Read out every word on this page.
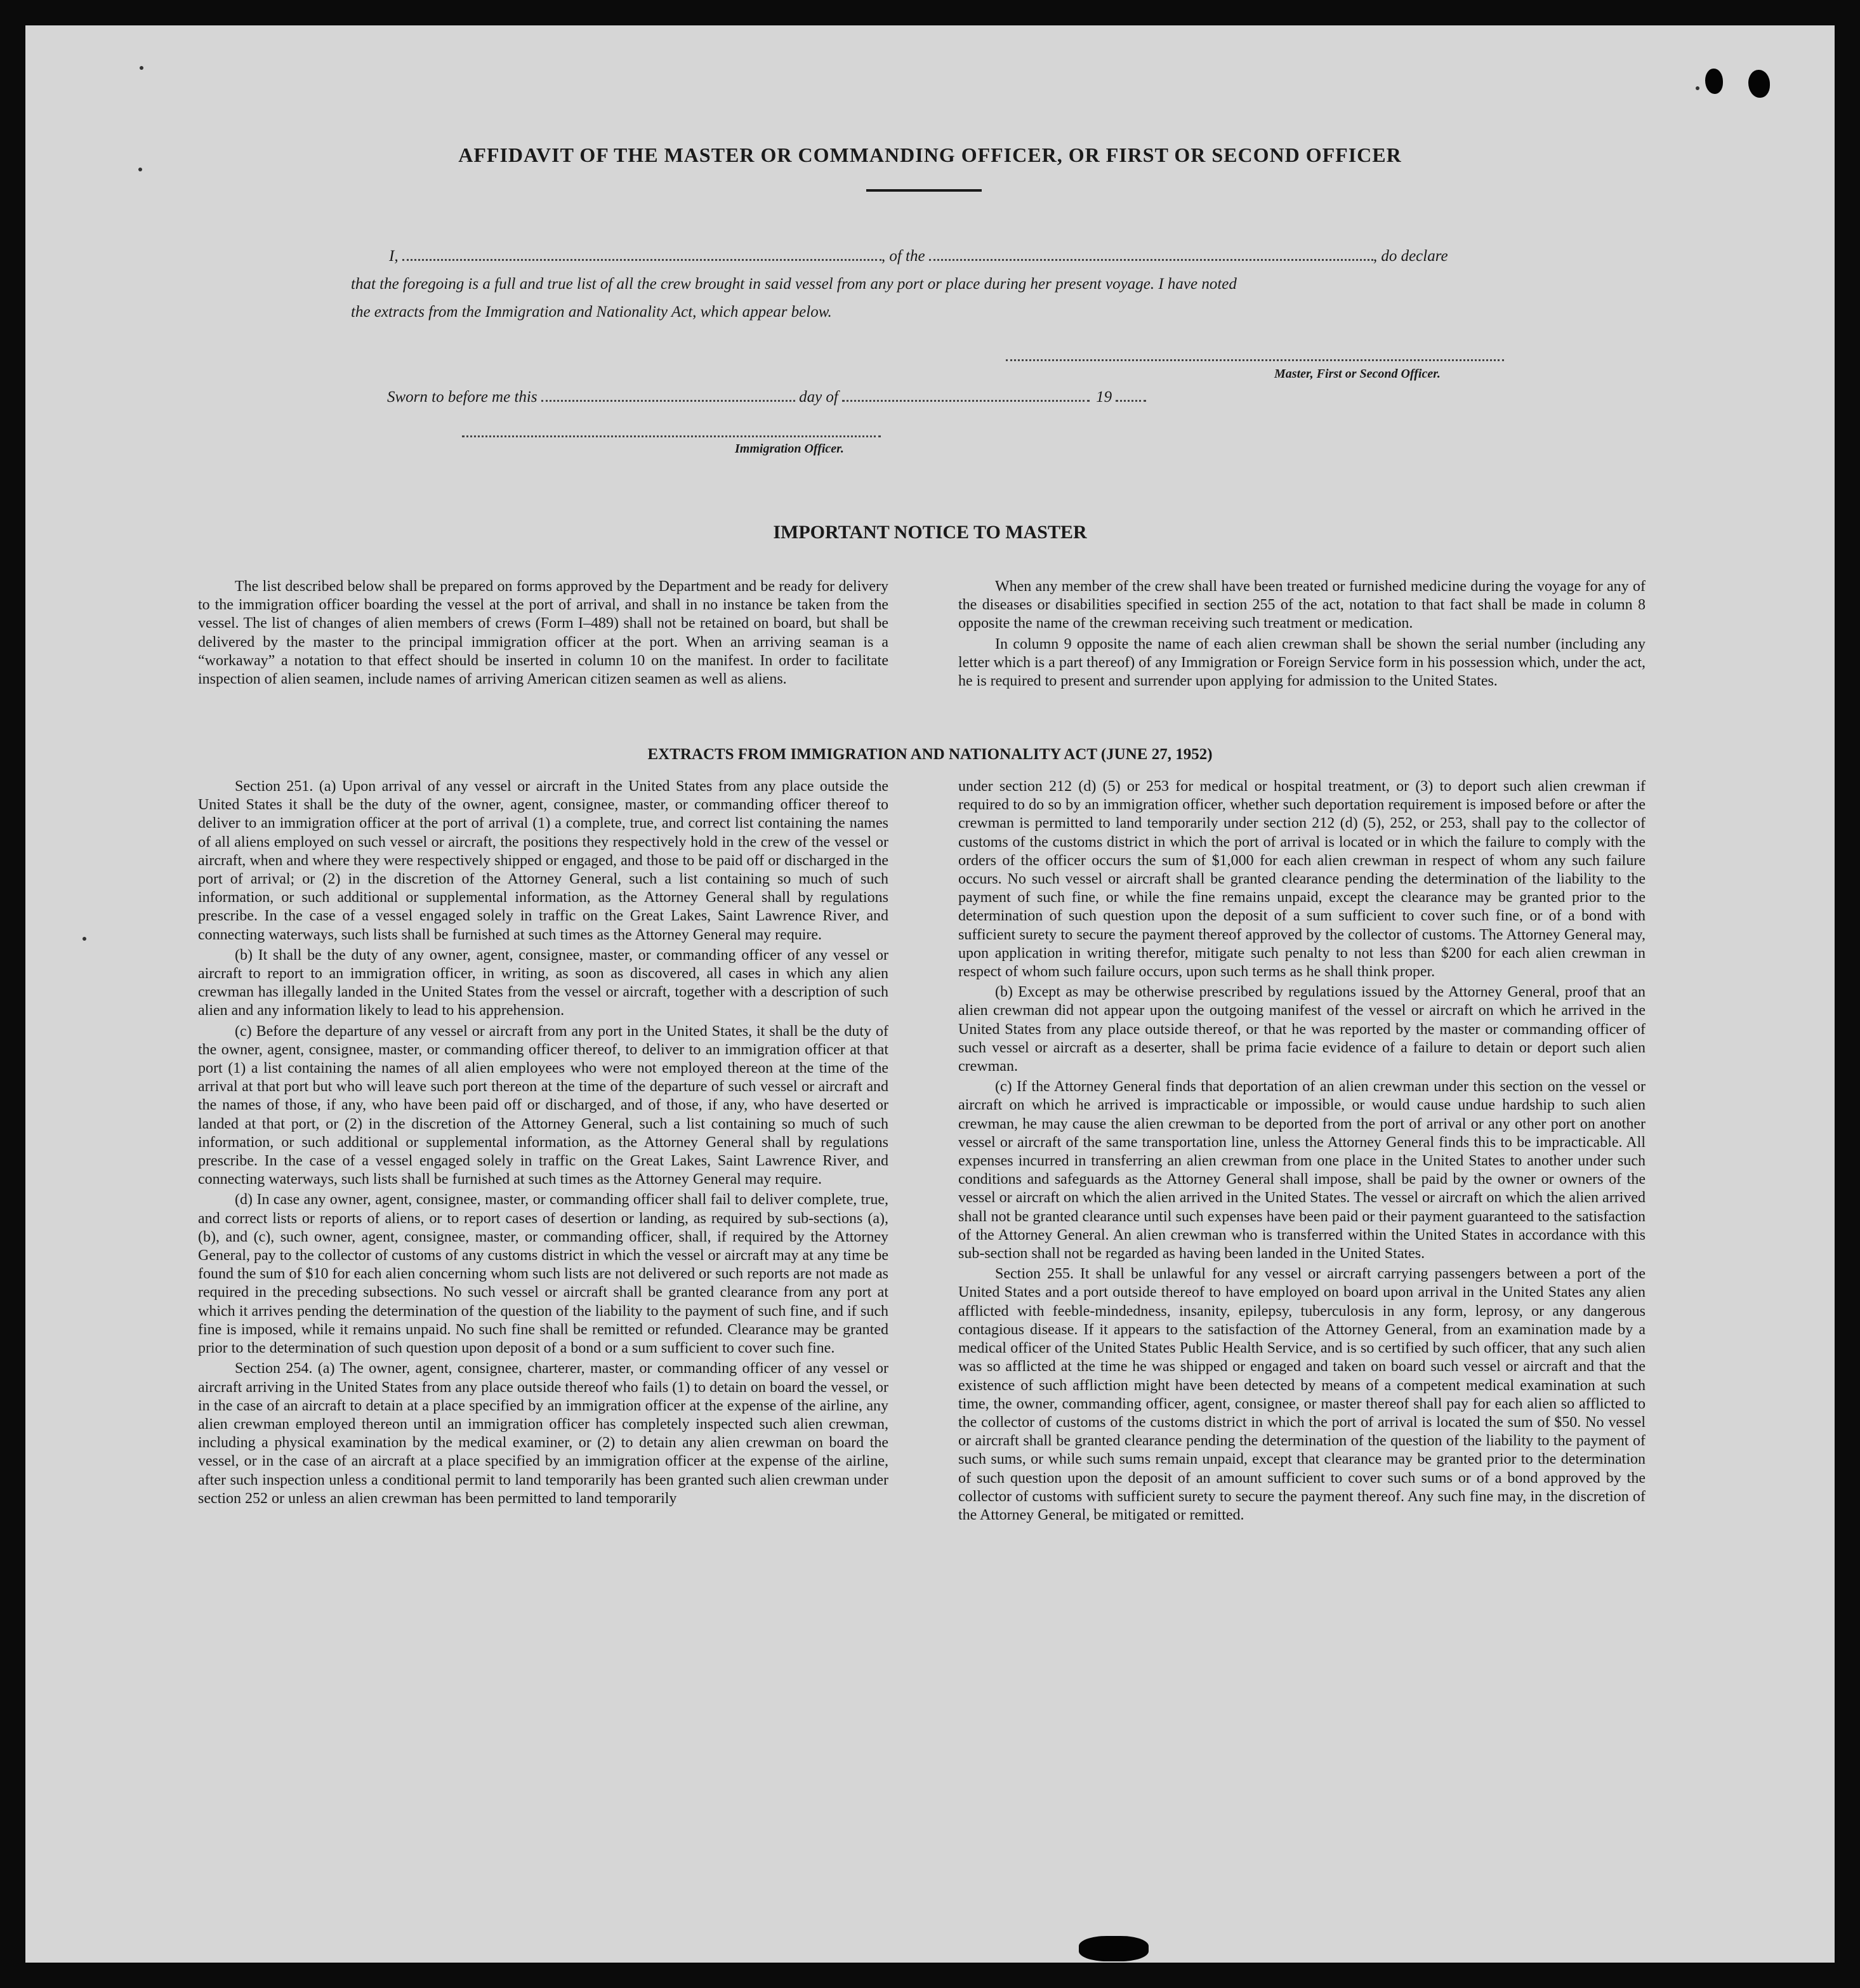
AFFIDAVIT OF THE MASTER OR COMMANDING OFFICER, OR FIRST OR SECOND OFFICER
I,	, of the	, do declare
that the foregoing is a full and true list of all the crew brought in said vessel from any port or place during her present voyage. I have noted
the extracts from the Immigration and Nationality Act, which appear below.
Master, First or Second Officer.
Sworn to before me this	day of	19
Immigration Officer.
IMPORTANT NOTICE TO MASTER

The list described below shall be prepared on forms approved by the Department and be ready for delivery to the immigration officer boarding the vessel at the port of arrival, and shall in no instance be taken from the vessel. The list of changes of alien members of crews (Form I–489) shall not be retained on board, but shall be delivered by the master to the principal immigration officer at the port. When an arriving seaman is a “workaway” a notation to that effect should be inserted in column 10 on the manifest. In order to facilitate inspection of alien seamen, include names of arriving American citizen seamen as well as aliens.

When any member of the crew shall have been treated or furnished medicine during the voyage for any of the diseases or disabilities specified in section 255 of the act, notation to that fact shall be made in column 8 opposite the name of the crewman receiving such treatment or medication.

In column 9 opposite the name of each alien crewman shall be shown the serial number (including any letter which is a part thereof) of any Immigration or Foreign Service form in his possession which, under the act, he is required to present and surrender upon applying for admission to the United States.

EXTRACTS FROM IMMIGRATION AND NATIONALITY ACT (JUNE 27, 1952)

Section 251. (a) Upon arrival of any vessel or aircraft in the United States from any place outside the United States it shall be the duty of the owner, agent, consignee, master, or commanding officer thereof to deliver to an immigration officer at the port of arrival (1) a complete, true, and correct list containing the names of all aliens employed on such vessel or aircraft, the positions they respectively hold in the crew of the vessel or aircraft, when and where they were respectively shipped or engaged, and those to be paid off or discharged in the port of arrival; or (2) in the discretion of the Attorney General, such a list containing so much of such information, or such additional or supplemental information, as the Attorney General shall by regulations prescribe. In the case of a vessel engaged solely in traffic on the Great Lakes, Saint Lawrence River, and connecting waterways, such lists shall be furnished at such times as the Attorney General may require.

(b) It shall be the duty of any owner, agent, consignee, master, or commanding officer of any vessel or aircraft to report to an immigration officer, in writing, as soon as discovered, all cases in which any alien crewman has illegally landed in the United States from the vessel or aircraft, together with a description of such alien and any information likely to lead to his apprehension.

(c) Before the departure of any vessel or aircraft from any port in the United States, it shall be the duty of the owner, agent, consignee, master, or commanding officer thereof, to deliver to an immigration officer at that port (1) a list containing the names of all alien employees who were not employed thereon at the time of the arrival at that port but who will leave such port thereon at the time of the departure of such vessel or aircraft and the names of those, if any, who have been paid off or discharged, and of those, if any, who have deserted or landed at that port, or (2) in the discretion of the Attorney General, such a list containing so much of such information, or such additional or supplemental information, as the Attorney General shall by regulations prescribe. In the case of a vessel engaged solely in traffic on the Great Lakes, Saint Lawrence River, and connecting waterways, such lists shall be furnished at such times as the Attorney General may require.

(d) In case any owner, agent, consignee, master, or commanding officer shall fail to deliver complete, true, and correct lists or reports of aliens, or to report cases of desertion or landing, as required by sub-sections (a), (b), and (c), such owner, agent, consignee, master, or commanding officer, shall, if required by the Attorney General, pay to the collector of customs of any customs district in which the vessel or aircraft may at any time be found the sum of $10 for each alien concerning whom such lists are not delivered or such reports are not made as required in the preceding subsections. No such vessel or aircraft shall be granted clearance from any port at which it arrives pending the determination of the question of the liability to the payment of such fine, and if such fine is imposed, while it remains unpaid. No such fine shall be remitted or refunded. Clearance may be granted prior to the determination of such question upon deposit of a bond or a sum sufficient to cover such fine.

Section 254. (a) The owner, agent, consignee, charterer, master, or commanding officer of any vessel or aircraft arriving in the United States from any place outside thereof who fails (1) to detain on board the vessel, or in the case of an aircraft to detain at a place specified by an immigration officer at the expense of the airline, any alien crewman employed thereon until an immigration officer has completely inspected such alien crewman, including a physical examination by the medical examiner, or (2) to detain any alien crewman on board the vessel, or in the case of an aircraft at a place specified by an immigration officer at the expense of the airline, after such inspection unless a conditional permit to land temporarily has been granted such alien crewman under section 252 or unless an alien crewman has been permitted to land temporarily

under section 212 (d) (5) or 253 for medical or hospital treatment, or (3) to deport such alien crewman if required to do so by an immigration officer, whether such deportation requirement is imposed before or after the crewman is permitted to land temporarily under section 212 (d) (5), 252, or 253, shall pay to the collector of customs of the customs district in which the port of arrival is located or in which the failure to comply with the orders of the officer occurs the sum of $1,000 for each alien crewman in respect of whom any such failure occurs. No such vessel or aircraft shall be granted clearance pending the determination of the liability to the payment of such fine, or while the fine remains unpaid, except the clearance may be granted prior to the determination of such question upon the deposit of a sum sufficient to cover such fine, or of a bond with sufficient surety to secure the payment thereof approved by the collector of customs. The Attorney General may, upon application in writing therefor, mitigate such penalty to not less than $200 for each alien crewman in respect of whom such failure occurs, upon such terms as he shall think proper.

(b) Except as may be otherwise prescribed by regulations issued by the Attorney General, proof that an alien crewman did not appear upon the outgoing manifest of the vessel or aircraft on which he arrived in the United States from any place outside thereof, or that he was reported by the master or commanding officer of such vessel or aircraft as a deserter, shall be prima facie evidence of a failure to detain or deport such alien crewman.

(c) If the Attorney General finds that deportation of an alien crewman under this section on the vessel or aircraft on which he arrived is impracticable or impossible, or would cause undue hardship to such alien crewman, he may cause the alien crewman to be deported from the port of arrival or any other port on another vessel or aircraft of the same transportation line, unless the Attorney General finds this to be impracticable. All expenses incurred in transferring an alien crewman from one place in the United States to another under such conditions and safeguards as the Attorney General shall impose, shall be paid by the owner or owners of the vessel or aircraft on which the alien arrived in the United States. The vessel or aircraft on which the alien arrived shall not be granted clearance until such expenses have been paid or their payment guaranteed to the satisfaction of the Attorney General. An alien crewman who is transferred within the United States in accordance with this sub-section shall not be regarded as having been landed in the United States.

Section 255. It shall be unlawful for any vessel or aircraft carrying passengers between a port of the United States and a port outside thereof to have employed on board upon arrival in the United States any alien afflicted with feeble-mindedness, insanity, epilepsy, tuberculosis in any form, leprosy, or any dangerous contagious disease. If it appears to the satisfaction of the Attorney General, from an examination made by a medical officer of the United States Public Health Service, and is so certified by such officer, that any such alien was so afflicted at the time he was shipped or engaged and taken on board such vessel or aircraft and that the existence of such affliction might have been detected by means of a competent medical examination at such time, the owner, commanding officer, agent, consignee, or master thereof shall pay for each alien so afflicted to the collector of customs of the customs district in which the port of arrival is located the sum of $50. No vessel or aircraft shall be granted clearance pending the determination of the question of the liability to the payment of such sums, or while such sums remain unpaid, except that clearance may be granted prior to the determination of such question upon the deposit of an amount sufficient to cover such sums or of a bond approved by the collector of customs with sufficient surety to secure the payment thereof. Any such fine may, in the discretion of the Attorney General, be mitigated or remitted.
